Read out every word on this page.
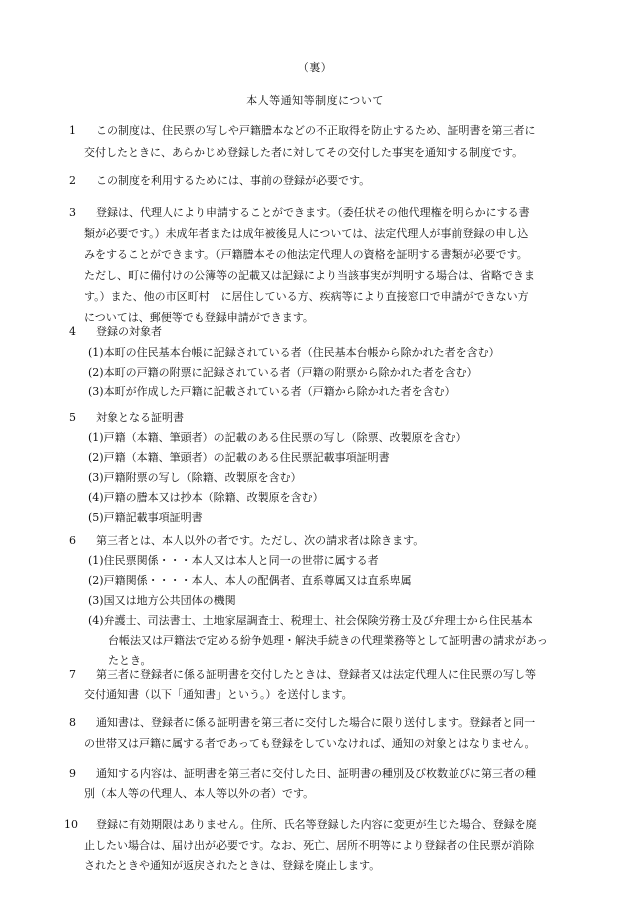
（裏）
本人等通知等制度について
1 この制度は、住民票の写しや戸籍謄本などの不正取得を防止するため、証明書を第三者に
交付したときに、あらかじめ登録した者に対してその交付した事実を通知する制度です。
2 この制度を利用するためには、事前の登録が必要です。
3 登録は、代理人により申請することができます。（委任状その他代理権を明らかにする書
類が必要です。）未成年者または成年被後見人については、法定代理人が事前登録の申し込
みをすることができます。（戸籍謄本その他法定代理人の資格を証明する書類が必要です。
ただし、町に備付けの公簿等の記載又は記録により当該事実が判明する場合は、省略できま
す。）また、他の市区町村　に居住している方、疾病等により直接窓口で申請ができない方
については、郵便等でも登録申請ができます。
4 登録の対象者
(1)本町の住民基本台帳に記録されている者（住民基本台帳から除かれた者を含む）
(2)本町の戸籍の附票に記録されている者（戸籍の附票から除かれた者を含む）
(3)本町が作成した戸籍に記載されている者（戸籍から除かれた者を含む）
5 対象となる証明書
(1)戸籍（本籍、筆頭者）の記載のある住民票の写し（除票、改製原を含む）
(2)戸籍（本籍、筆頭者）の記載のある住民票記載事項証明書
(3)戸籍附票の写し（除籍、改製原を含む）
(4)戸籍の謄本又は抄本（除籍、改製原を含む）
(5)戸籍記載事項証明書
6 第三者とは、本人以外の者です。ただし、次の請求者は除きます。
(1)住民票関係・・・本人又は本人と同一の世帯に属する者
(2)戸籍関係・・・・本人、本人の配偶者、直系尊属又は直系卑属
(3)国又は地方公共団体の機関
(4)弁護士、司法書士、土地家屋調査士、税理士、社会保険労務士及び弁理士から住民基本
台帳法又は戸籍法で定める紛争処理・解決手続きの代理業務等として証明書の請求があっ
たとき。
7 第三者に登録者に係る証明書を交付したときは、登録者又は法定代理人に住民票の写し等
交付通知書（以下「通知書」という。）を送付します。
8 通知書は、登録者に係る証明書を第三者に交付した場合に限り送付します。登録者と同一
の世帯又は戸籍に属する者であっても登録をしていなければ、通知の対象とはなりません。
9 通知する内容は、証明書を第三者に交付した日、証明書の種別及び枚数並びに第三者の種
別（本人等の代理人、本人等以外の者）です。
10 登録に有効期限はありません。住所、氏名等登録した内容に変更が生じた場合、登録を廃
止したい場合は、届け出が必要です。なお、死亡、居所不明等により登録者の住民票が消除
されたときや通知が返戻されたときは、登録を廃止します。
